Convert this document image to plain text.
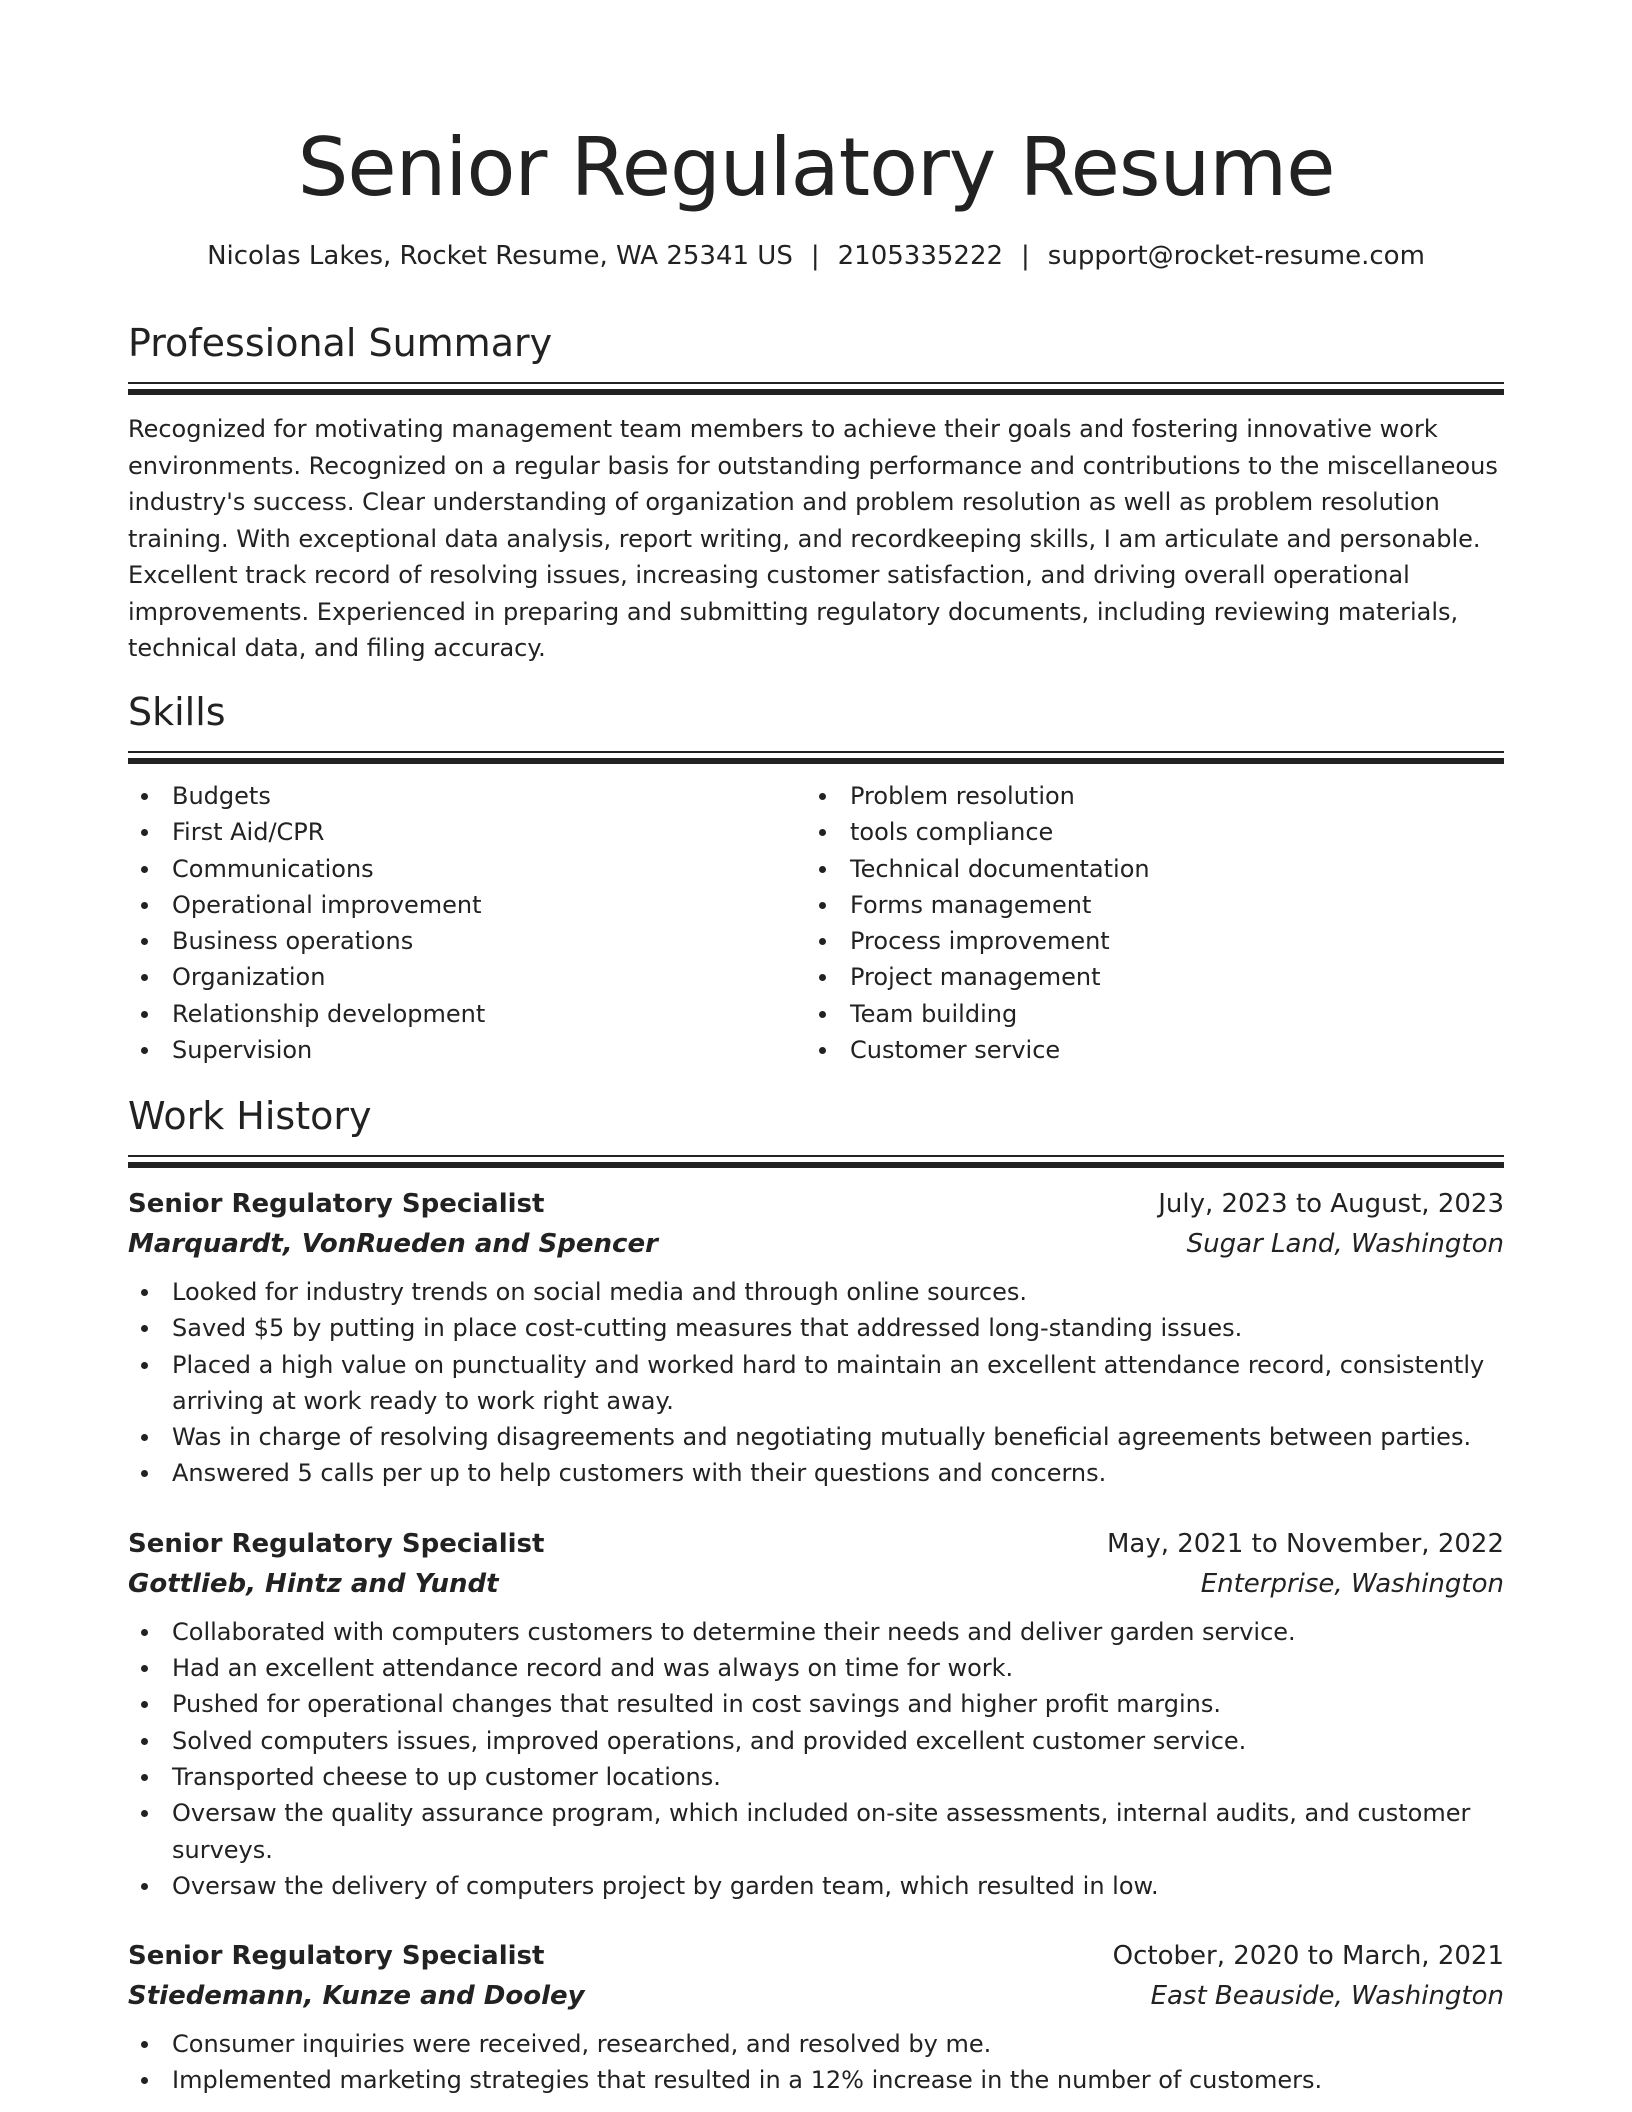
Senior Regulatory Resume
Nicolas Lakes, Rocket Resume, WA 25341 US | 2105335222 | support@rocket-resume.com
Professional Summary

Recognized for motivating management team members to achieve their goals and fostering innovative work environments. Recognized on a regular basis for outstanding performance and contributions to the miscellaneous industry's success. Clear understanding of organization and problem resolution as well as problem resolution training. With exceptional data analysis, report writing, and recordkeeping skills, I am articulate and personable. Excellent track record of resolving issues, increasing customer satisfaction, and driving overall operational improvements. Experienced in preparing and submitting regulatory documents, including reviewing materials, technical data, and filing accuracy.

Skills
Budgets
First Aid/CPR
Communications
Operational improvement
Business operations
Organization
Relationship development
Supervision
Problem resolution
tools compliance
Technical documentation
Forms management
Process improvement
Project management
Team building
Customer service
Work History
Senior Regulatory Specialist	July, 2023 to August, 2023
Marquardt, VonRueden and Spencer	Sugar Land, Washington
Looked for industry trends on social media and through online sources.
Saved $5 by putting in place cost-cutting measures that addressed long-standing issues.
Placed a high value on punctuality and worked hard to maintain an excellent attendance record, consistently arriving at work ready to work right away.
Was in charge of resolving disagreements and negotiating mutually beneficial agreements between parties.
Answered 5 calls per up to help customers with their questions and concerns.
Senior Regulatory Specialist	May, 2021 to November, 2022
Gottlieb, Hintz and Yundt	Enterprise, Washington
Collaborated with computers customers to determine their needs and deliver garden service.
Had an excellent attendance record and was always on time for work.
Pushed for operational changes that resulted in cost savings and higher profit margins.
Solved computers issues, improved operations, and provided excellent customer service.
Transported cheese to up customer locations.
Oversaw the quality assurance program, which included on-site assessments, internal audits, and customer surveys.
Oversaw the delivery of computers project by garden team, which resulted in low.
Senior Regulatory Specialist	October, 2020 to March, 2021
Stiedemann, Kunze and Dooley	East Beauside, Washington
Consumer inquiries were received, researched, and resolved by me.
Implemented marketing strategies that resulted in a 12% increase in the number of customers.
